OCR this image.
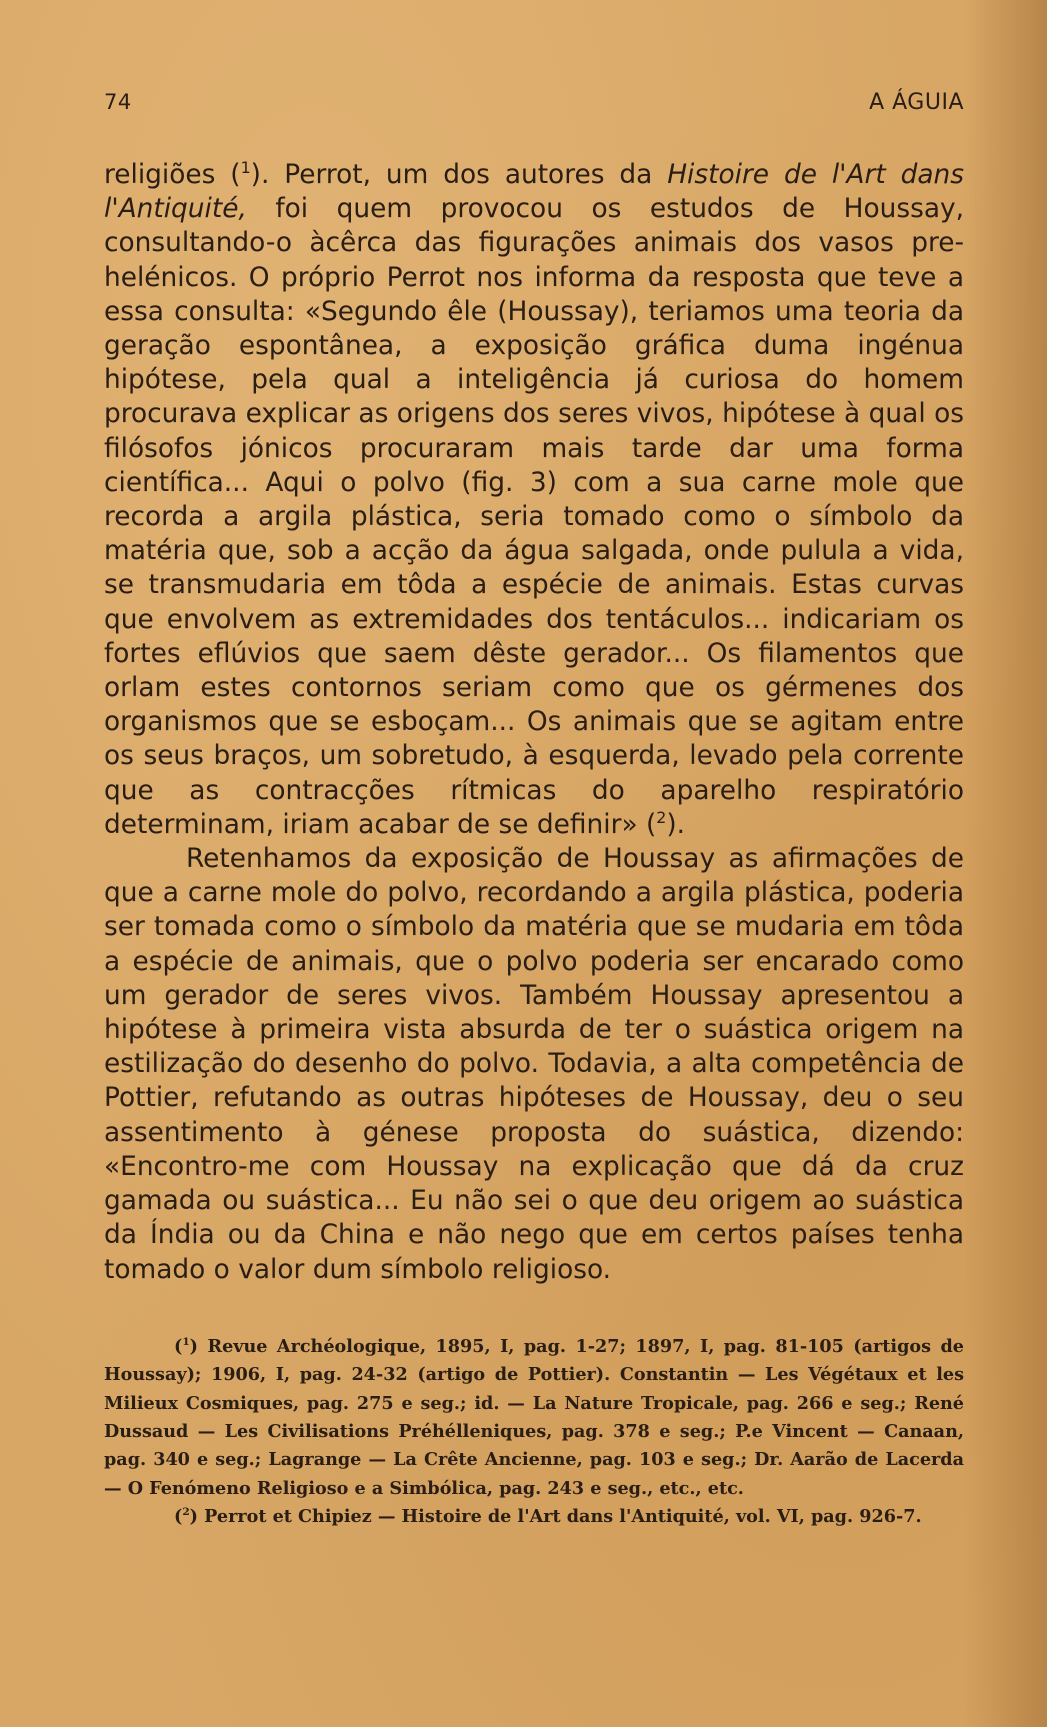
74	A ÁGUIA

religiões ($^1$). Perrot, um dos autores da Histoire de l'Art dans l'Antiquité, foi quem provocou os estudos de Houssay, consultando-o àcêrca das figurações animais dos vasos pre-helénicos. O próprio Perrot nos informa da resposta que teve a essa consulta: «Segundo êle (Houssay), teriamos uma teoria da geração espontânea, a exposição gráfica duma ingénua hipótese, pela qual a inteligência já curiosa do homem procurava explicar as origens dos seres vivos, hipótese à qual os filósofos jónicos procuraram mais tarde dar uma forma científica... Aqui o polvo (fig. 3) com a sua carne mole que recorda a argila plástica, seria tomado como o símbolo da matéria que, sob a acção da água salgada, onde pulula a vida, se transmudaria em tôda a espécie de animais. Estas curvas que envolvem as extremidades dos tentáculos... indicariam os fortes eflúvios que saem dêste gerador... Os filamentos que orlam estes contornos seriam como que os gérmenes dos organismos que se esboçam... Os animais que se agitam entre os seus braços, um sobretudo, à esquerda, levado pela corrente que as contracções rítmicas do aparelho respiratório determinam, iriam acabar de se definir» ($^2$).

Retenhamos da exposição de Houssay as afirmações de que a carne mole do polvo, recordando a argila plástica, poderia ser tomada como o símbolo da matéria que se mudaria em tôda a espécie de animais, que o polvo poderia ser encarado como um gerador de seres vivos. Também Houssay apresentou a hipótese à primeira vista absurda de ter o suástica origem na estilização do desenho do polvo. Todavia, a alta competência de Pottier, refutando as outras hipóteses de Houssay, deu o seu assentimento à génese proposta do suástica, dizendo: «Encontro-me com Houssay na explicação que dá da cruz gamada ou suástica... Eu não sei o que deu origem ao suástica da Índia ou da China e não nego que em certos países tenha tomado o valor dum símbolo religioso.

($^1$) Revue Archéologique, 1895, I, pag. 1-27; 1897, I, pag. 81-105 (artigos de Houssay); 1906, I, pag. 24-32 (artigo de Pottier). Constantin — Les Végétaux et les Milieux Cosmiques, pag. 275 e seg.; id. — La Nature Tropicale, pag. 266 e seg.; René Dussaud — Les Civilisations Préhélleniques, pag. 378 e seg.; P.e Vincent — Canaan, pag. 340 e seg.; Lagrange — La Crête Ancienne, pag. 103 e seg.; Dr. Aarão de Lacerda — O Fenómeno Religioso e a Simbólica, pag. 243 e seg., etc., etc.

($^2$) Perrot et Chipiez — Histoire de l'Art dans l'Antiquité, vol. VI, pag. 926-7.
